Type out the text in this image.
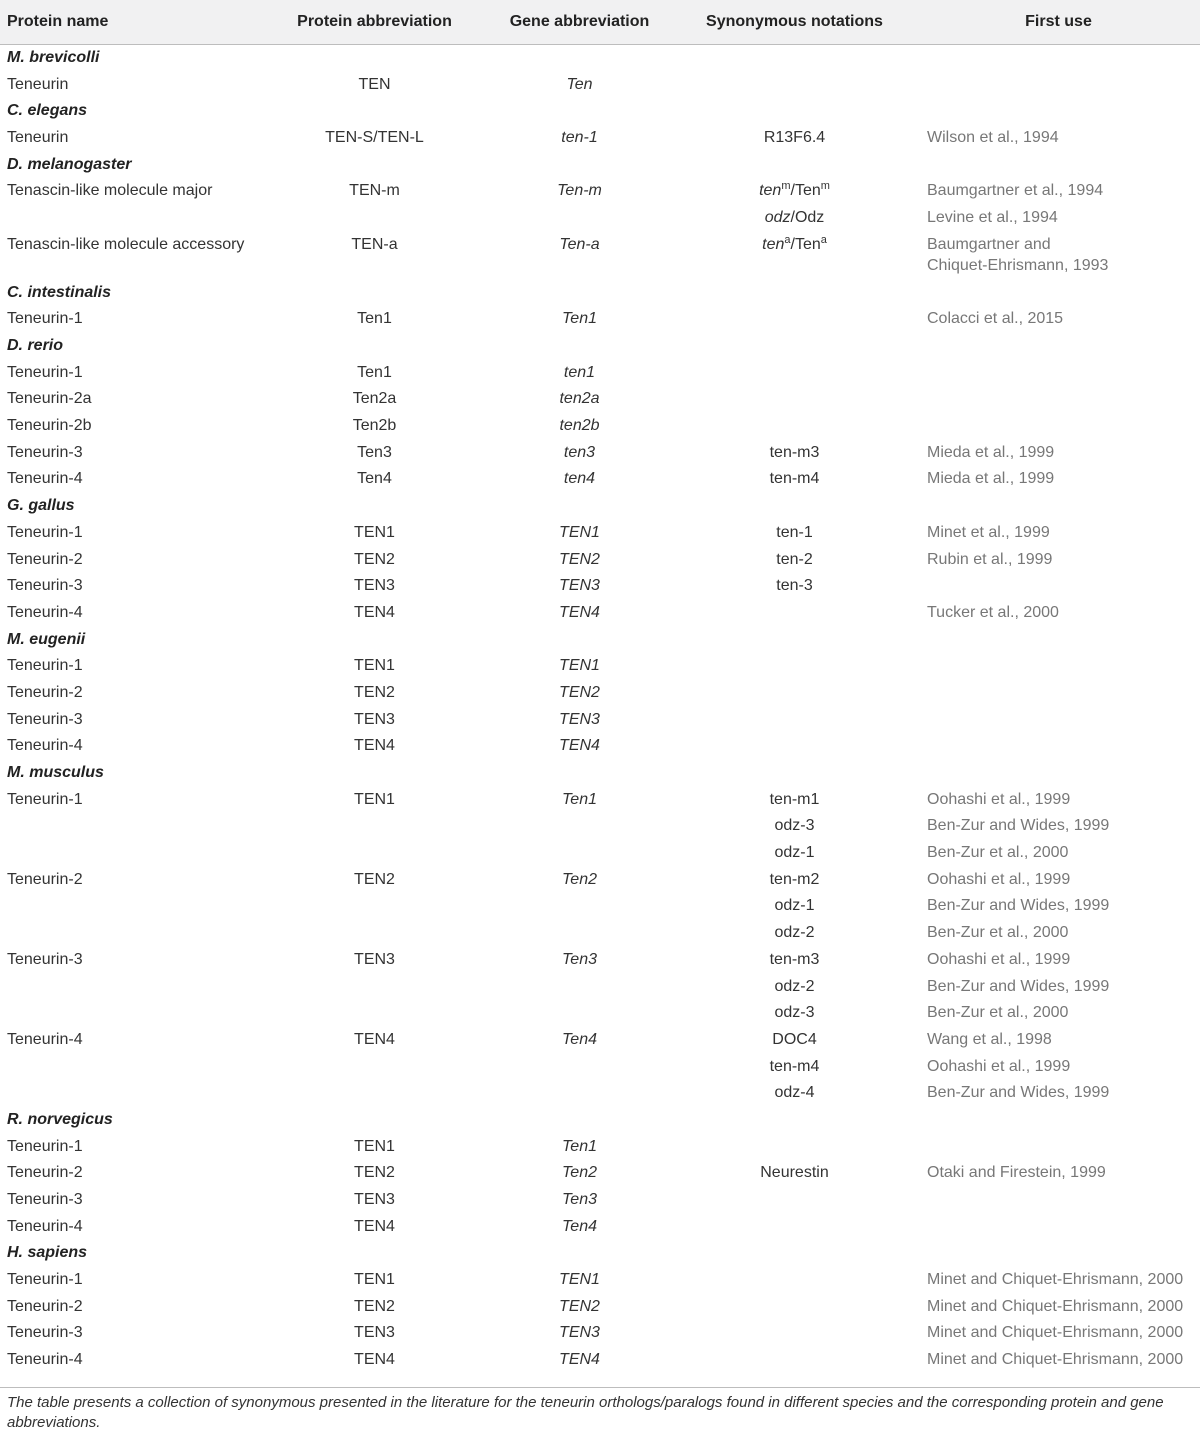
Protein name	Protein abbreviation	Gene abbreviation	Synonymous notations	First use
M. brevicolli				
Teneurin	TEN	Ten		
C. elegans				
Teneurin	TEN-S/TEN-L	ten-1	R13F6.4	Wilson et al., 1994
D. melanogaster				
Tenascin-like molecule major	TEN-m	Ten-m	ten$^m$/Ten$^m$	Baumgartner et al., 1994
			odz/Odz	Levine et al., 1994
Tenascin-like molecule accessory	TEN-a	Ten-a	ten$^a$/Ten$^a$	Baumgartner and
Chiquet-Ehrismann, 1993
C. intestinalis				
Teneurin-1	Ten1	Ten1		Colacci et al., 2015
D. rerio				
Teneurin-1	Ten1	ten1		
Teneurin-2a	Ten2a	ten2a		
Teneurin-2b	Ten2b	ten2b		
Teneurin-3	Ten3	ten3	ten-m3	Mieda et al., 1999
Teneurin-4	Ten4	ten4	ten-m4	Mieda et al., 1999
G. gallus				
Teneurin-1	TEN1	TEN1	ten-1	Minet et al., 1999
Teneurin-2	TEN2	TEN2	ten-2	Rubin et al., 1999
Teneurin-3	TEN3	TEN3	ten-3	
Teneurin-4	TEN4	TEN4		Tucker et al., 2000
M. eugenii				
Teneurin-1	TEN1	TEN1		
Teneurin-2	TEN2	TEN2		
Teneurin-3	TEN3	TEN3		
Teneurin-4	TEN4	TEN4		
M. musculus				
Teneurin-1	TEN1	Ten1	ten-m1	Oohashi et al., 1999
			odz-3	Ben-Zur and Wides, 1999
			odz-1	Ben-Zur et al., 2000
Teneurin-2	TEN2	Ten2	ten-m2	Oohashi et al., 1999
			odz-1	Ben-Zur and Wides, 1999
			odz-2	Ben-Zur et al., 2000
Teneurin-3	TEN3	Ten3	ten-m3	Oohashi et al., 1999
			odz-2	Ben-Zur and Wides, 1999
			odz-3	Ben-Zur et al., 2000
Teneurin-4	TEN4	Ten4	DOC4	Wang et al., 1998
			ten-m4	Oohashi et al., 1999
			odz-4	Ben-Zur and Wides, 1999
R. norvegicus				
Teneurin-1	TEN1	Ten1		
Teneurin-2	TEN2	Ten2	Neurestin	Otaki and Firestein, 1999
Teneurin-3	TEN3	Ten3		
Teneurin-4	TEN4	Ten4		
H. sapiens				
Teneurin-1	TEN1	TEN1		Minet and Chiquet-Ehrismann, 2000
Teneurin-2	TEN2	TEN2		Minet and Chiquet-Ehrismann, 2000
Teneurin-3	TEN3	TEN3		Minet and Chiquet-Ehrismann, 2000
Teneurin-4	TEN4	TEN4		Minet and Chiquet-Ehrismann, 2000
The table presents a collection of synonymous presented in the literature for the teneurin orthologs/paralogs found in different species and the corresponding protein and gene abbreviations.
